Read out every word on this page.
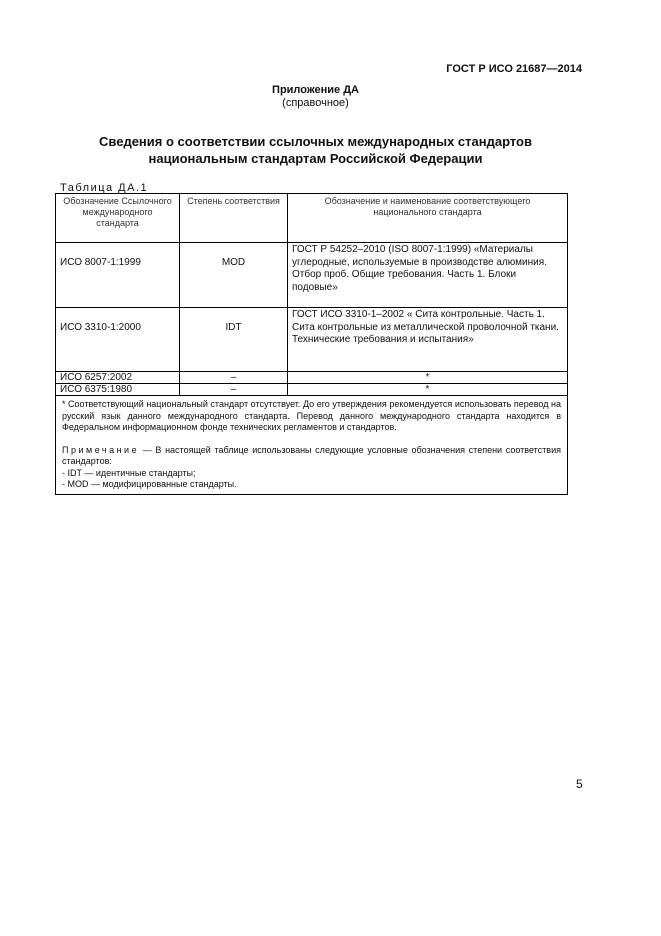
ГОСТ Р ИСО 21687—2014
Приложение ДА
(справочное)
Сведения о соответствии ссылочных международных стандартов
национальным стандартам Российской Федерации
Таблица ДА.1
Обозначение Ссылочного международного стандарта	Степень соответствия	Обозначение и наименование соответствующего национального стандарта
ИСО 8007-1:1999	MOD	ГОСТ Р 54252–2010 (ISO 8007-1:1999) «Материалы углеродные, используемые в производстве алюминия. Отбор проб. Общие требования. Часть 1. Блоки подовые»
ИСО 3310-1:2000	IDT	ГОСТ ИСО 3310-1–2002 « Сита контрольные. Часть 1. Сита контрольные из металлической проволочной ткани. Технические требования и испытания»
ИСО 6257:2002	–	*
ИСО 6375:1980	–	*

* Соответствующий национальный стандарт отсутствует. До его утверждения рекомендуется использовать перевод на русский язык данного международного стандарта. Перевод данного международного стандарта находится в Федеральном информационном фонде технических регламентов и стандартов.

Примечание — В настоящей таблице использованы следующие условные обозначения степени соответствия стандартов:

- IDT — идентичные стандарты;

- MOD — модифицированные стандарты.		

5
